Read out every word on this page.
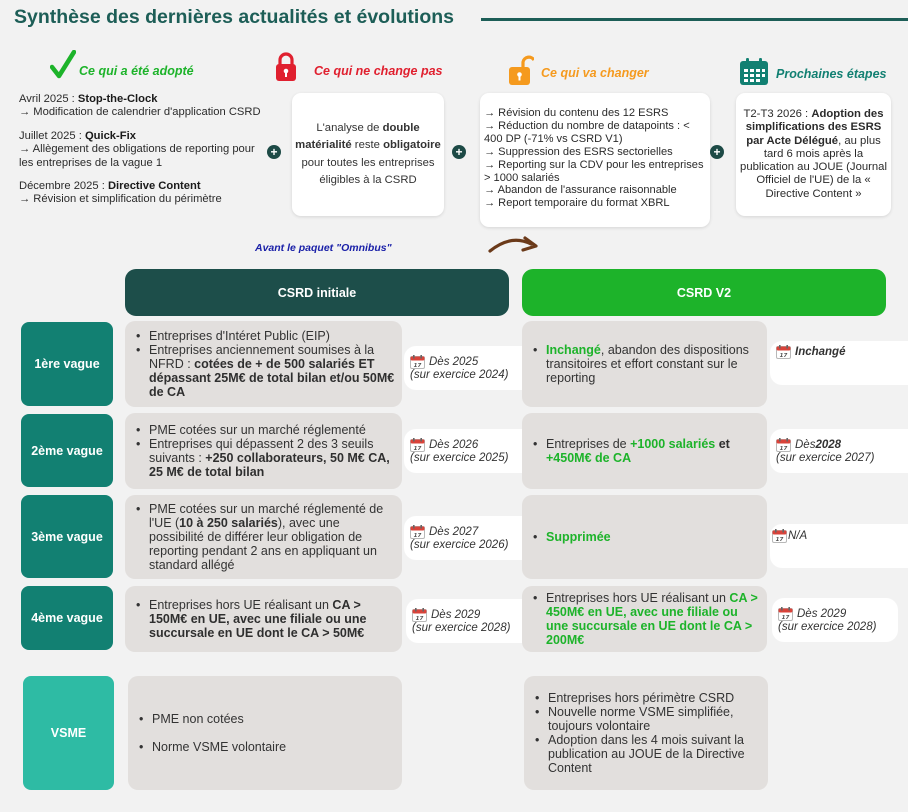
Synthèse des dernières actualités et évolutions
Ce qui a été adopté

Avril 2025 : Stop-the-Clock
→ Modification de calendrier d'application CSRD

Juillet 2025 : Quick-Fix
→ Allègement des obligations de reporting pour les entreprises de la vague 1

Décembre 2025 : Directive Content
→ Révision et simplification du périmètre

+
Ce qui ne change pas
L'analyse de double matérialité reste obligatoire pour toutes les entreprises éligibles à la CSRD
+
Ce qui va changer
→ Révision du contenu des 12 ESRS
→ Réduction du nombre de datapoints : < 400 DP (-71% vs CSRD V1)
→ Suppression des ESRS sectorielles
→ Reporting sur la CDV pour les entreprises > 1000 salariés
→ Abandon de l'assurance raisonnable
→ Report temporaire du format XBRL
+
Prochaines étapes
T2-T3 2026 : Adoption des simplifications des ESRS par Acte Délégué, au plus tard 6 mois après la publication au JOUE (Journal Officiel de l'UE) de la « Directive Content »
Avant le paquet "Omnibus"
CSRD initiale	CSRD V2
1ère vague
• Entreprises d'Intéret Public (EIP)
• Entreprises anciennement soumises à la NFRD : cotées de + de 500 salariés ET dépassant 25M€ de total bilan et/ou 50M€ de CA
17 Dès 2025
(sur exercice 2024)
• Inchangé, abandon des dispositions transitoires et effort constant sur le reporting
17 Inchangé
2ème vague
• PME cotées sur un marché réglementé
• Entreprises qui dépassent 2 des 3 seuils suivants : +250 collaborateurs, 50 M€ CA, 25 M€ de total bilan
17 Dès 2026
(sur exercice 2025)
• Entreprises de +1000 salariés et +450M€ de CA
17 Dès 2028
(sur exercice 2027)
3ème vague
• PME cotées sur un marché réglementé de l'UE (10 à 250 salariés), avec une possibilité de différer leur obligation de reporting pendant 2 ans en appliquant un standard allégé
17 Dès 2027
(sur exercice 2026)
• Supprimée	17 N/A
4ème vague
• Entreprises hors UE réalisant un CA > 150M€ en UE, avec une filiale ou une succursale en UE dont le CA > 50M€
17 Dès 2029
(sur exercice 2028)
• Entreprises hors UE réalisant un CA > 450M€ en UE, avec une filiale ou une succursale en UE dont le CA > 200M€
17 Dès 2029
(sur exercice 2028)
VSME
• PME non cotées
• Norme VSME volontaire
• Entreprises hors périmètre CSRD
• Nouvelle norme VSME simplifiée, toujours volontaire
• Adoption dans les 4 mois suivant la publication au JOUE de la Directive Content
